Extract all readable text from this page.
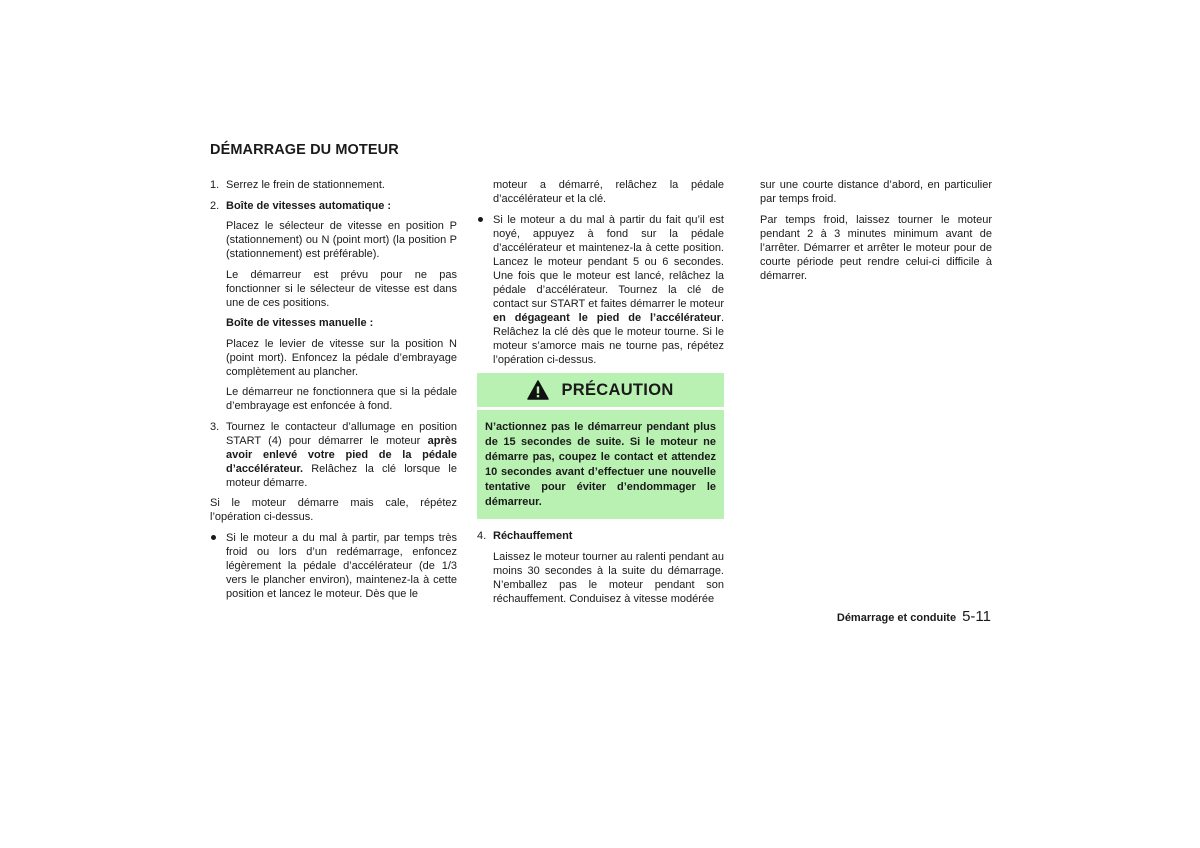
DÉMARRAGE DU MOTEUR
1. Serrez le frein de stationnement.
2. Boîte de vitesses automatique :

Placez le sélecteur de vitesse en position P (stationnement) ou N (point mort) (la position P (stationnement) est préférable).

Le démarreur est prévu pour ne pas fonctionner si le sélecteur de vitesse est dans une de ces positions.

Boîte de vitesses manuelle :

Placez le levier de vitesse sur la position N (point mort). Enfoncez la pédale d’embrayage complètement au plancher.

Le démarreur ne fonctionnera que si la pédale d’embrayage est enfoncée à fond.

3. Tournez le contacteur d’allumage en position START (4) pour démarrer le moteur après avoir enlevé votre pied de la pédale d’accélérateur. Relâchez la clé lorsque le moteur démarre.

Si le moteur démarre mais cale, répétez l’opération ci-dessus.

Si le moteur a du mal à partir, par temps très froid ou lors d’un redémarrage, enfoncez légèrement la pédale d’accélérateur (de 1/3 vers le plancher environ), maintenez-la à cette position et lancez le moteur. Dès que le

moteur a démarré, relâchez la pédale d’accélérateur et la clé.

Si le moteur a du mal à partir du fait qu’il est noyé, appuyez à fond sur la pédale d’accélérateur et maintenez-la à cette position. Lancez le moteur pendant 5 ou 6 secondes. Une fois que le moteur est lancé, relâchez la pédale d’accélérateur. Tournez la clé de contact sur START et faites démarrer le moteur en dégageant le pied de l’accélérateur. Relâchez la clé dès que le moteur tourne. Si le moteur s’amorce mais ne tourne pas, répétez l’opération ci-dessus.
PRÉCAUTION
N’actionnez pas le démarreur pendant plus de 15 secondes de suite. Si le moteur ne démarre pas, coupez le contact et attendez 10 secondes avant d’effectuer une nouvelle tentative pour éviter d’endommager le démarreur.
4. Réchauffement

Laissez le moteur tourner au ralenti pendant au moins 30 secondes à la suite du démarrage. N’emballez pas le moteur pendant son réchauffement. Conduisez à vitesse modérée

sur une courte distance d’abord, en particulier par temps froid.

Par temps froid, laissez tourner le moteur pendant 2 à 3 minutes minimum avant de l’arrêter. Démarrer et arrêter le moteur pour de courte période peut rendre celui-ci difficile à démarrer.

Démarrage et conduite 5-11
